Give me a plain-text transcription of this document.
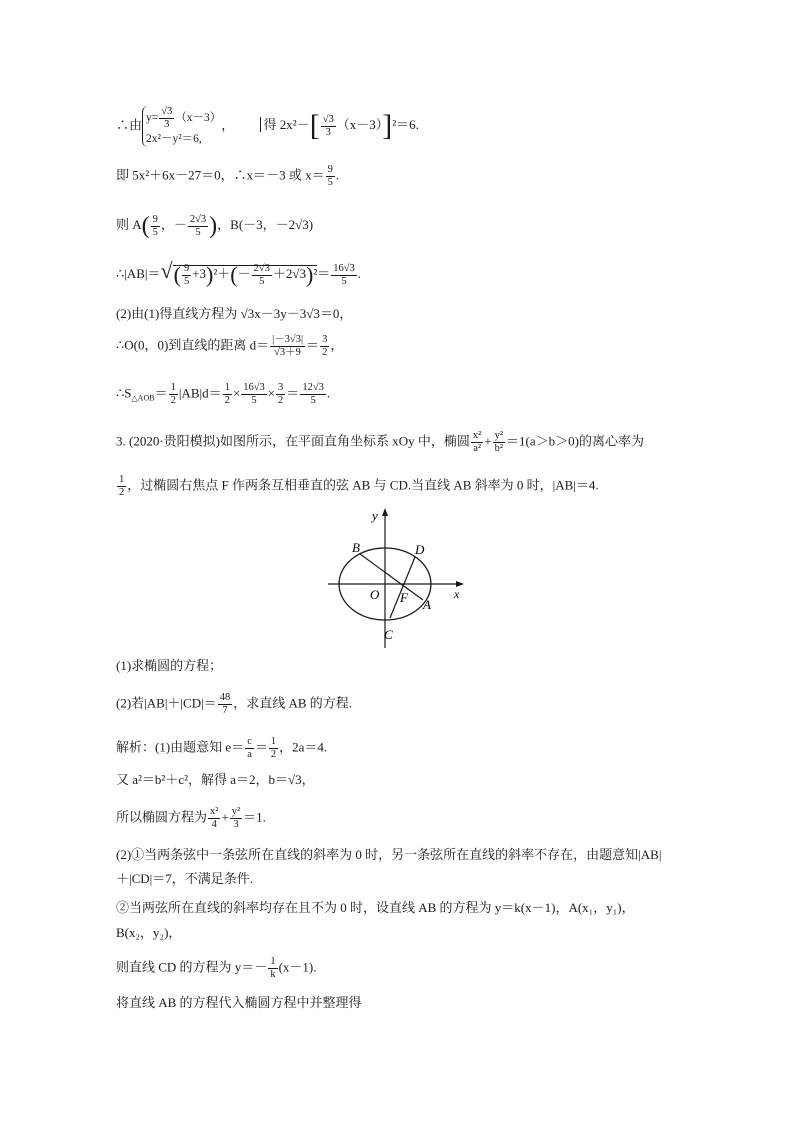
∴由 $y= \frac{√3}{3} (x-3)$
2x²－y²＝6,， 得 $2x^2-[ \frac{√3}{3} (x-3)]^2=6$.
即 5x²＋6x－27＝0，∴x＝－3 或 $x= \frac{9}{5}$ .
则 $A( \frac{9}{5}$ ，－ $\frac{2√3}{5}$ )，B(－3，－2√3)
∴|AB|＝√( $\frac{9}{5} +3)^2+(- \frac{2√3}{5} +2√3)^2= \frac{16√3}{5}$ .
(2)由(1)得直线方程为 √3x－3y－3√3＝0，
∴O(0，0)到直线的距离 $d= \frac{|-3√3|}{√3+9} = \frac{3}{2}$ ，
$\therefore S_{\triangle AOB}= \frac{1}{2} |AB|d= \frac{1}{2} \times \frac{16√3}{5} \times \frac{3}{2} = \frac{12√3}{5}$ .
3. (2020·贵阳模拟)如图所示，在平面直角坐标系 xOy 中，椭圆 $\frac{\text{x²}}{\text{a²}} + \frac{\text{y²}}{\text{b²}} =1(a>b>0)$的离心率为
$\frac{1}{2}$ ，过椭圆右焦点 F 作两条互相垂直的弦 AB 与 CD.当直线 AB 斜率为 0 时，|AB|＝4.
y
x
O F A
B
C
D
(1)求椭圆的方程；
(2)若$|AB|+|CD|= \frac{48}{7}$ ，求直线 AB 的方程.
解析：(1)由题意知 $e= \frac{c}{a} = \frac{1}{2}$ ，2a＝4.
又 a²＝b²＋c²，解得 a＝2，b＝√3，
所以椭圆方程为 $\frac{\text{x²}}{4} + \frac{\text{y²}}{3} =1$.
(2)①当两条弦中一条弦所在直线的斜率为 0 时，另一条弦所在直线的斜率不存在，由题意知|AB|
＋|CD|＝7，不满足条件.
②当两弦所在直线的斜率均存在且不为 0 时，设直线 AB 的方程为 y＝k(x－1)，A(x₁，y₁)，
B(x₂，y₂)，
则直线 CD 的方程为 $y=- \frac{1}{k} (x-1)$.
将直线 AB 的方程代入椭圆方程中并整理得
